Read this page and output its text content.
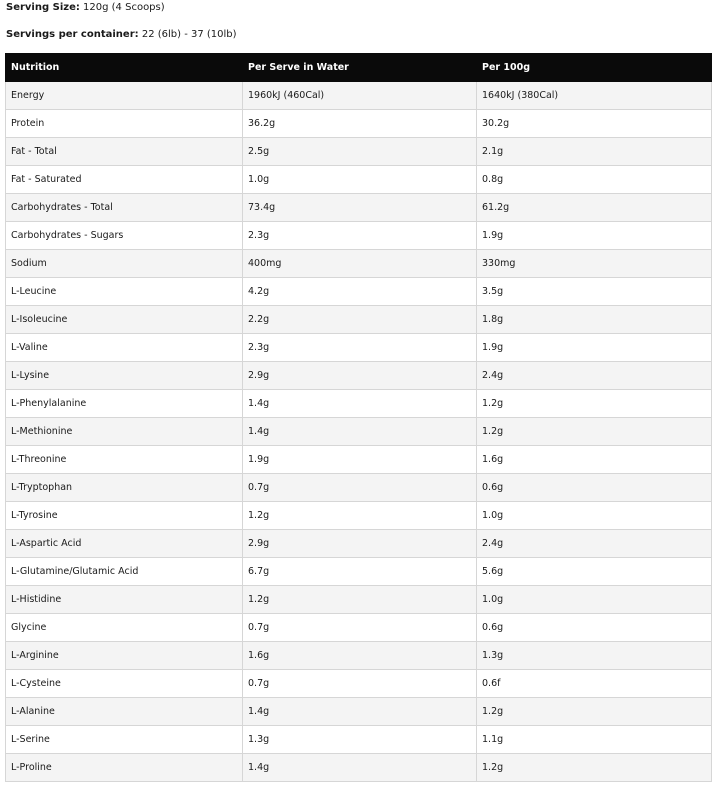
Serving Size: 120g (4 Scoops)
Servings per container: 22 (6lb) - 37 (10lb)
Nutrition	Per Serve in Water	Per 100g
Energy	1960kJ (460Cal)	1640kJ (380Cal)
Protein	36.2g	30.2g
Fat - Total	2.5g	2.1g
Fat - Saturated	1.0g	0.8g
Carbohydrates - Total	73.4g	61.2g
Carbohydrates - Sugars	2.3g	1.9g
Sodium	400mg	330mg
L-Leucine	4.2g	3.5g
L-Isoleucine	2.2g	1.8g
L-Valine	2.3g	1.9g
L-Lysine	2.9g	2.4g
L-Phenylalanine	1.4g	1.2g
L-Methionine	1.4g	1.2g
L-Threonine	1.9g	1.6g
L-Tryptophan	0.7g	0.6g
L-Tyrosine	1.2g	1.0g
L-Aspartic Acid	2.9g	2.4g
L-Glutamine/Glutamic Acid	6.7g	5.6g
L-Histidine	1.2g	1.0g
Glycine	0.7g	0.6g
L-Arginine	1.6g	1.3g
L-Cysteine	0.7g	0.6f
L-Alanine	1.4g	1.2g
L-Serine	1.3g	1.1g
L-Proline	1.4g	1.2g
